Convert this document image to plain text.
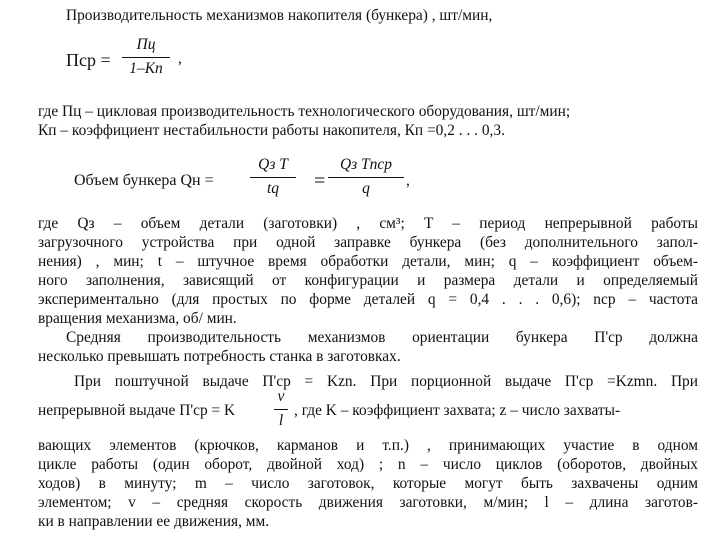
Производительность механизмов накопителя (бункера) , шт/мин,
Пср =
Пц
1–Кп
,
где Пц – цикловая производительность технологического оборудования, шт/мин;
Кп – коэффициент нестабильности работы накопителя, Кп =0,2 . . . 0,3.
Объем бункера Qн =
Qз T
tq	=
Qз Tnср
q	,
где Qз – объем детали (заготовки) , см³; T – период непрерывной работы
загрузочного устройства при одной заправке бункера (без дополнительного запол-
нения) , мин; t – штучное время обработки детали, мин; q – коэффициент объем-
ного заполнения, зависящий от конфигурации и размера детали и определяемый
экспериментально (для простых по форме деталей q = 0,4 . . . 0,6); nср – частота
вращения механизма, об/ мин.
Средняя производительность механизмов ориентации бункера П'ср должна
несколько превышать потребность станка в заготовках.
При поштучной выдаче П'ср = Kzn. При порционной выдаче П'ср =Kzmn. При
непрерывной выдаче П'ср = K
v
l
, где K – коэффициент захвата; z – число захваты-
вающих элементов (крючков, карманов и т.п.) , принимающих участие в одном
цикле работы (один оборот, двойной ход) ; n – число циклов (оборотов, двойных
ходов) в минуту; m – число заготовок, которые могут быть захвачены одним
элементом; v – средняя скорость движения заготовки, м/мин; l – длина заготов-
ки в направлении ее движения, мм.
